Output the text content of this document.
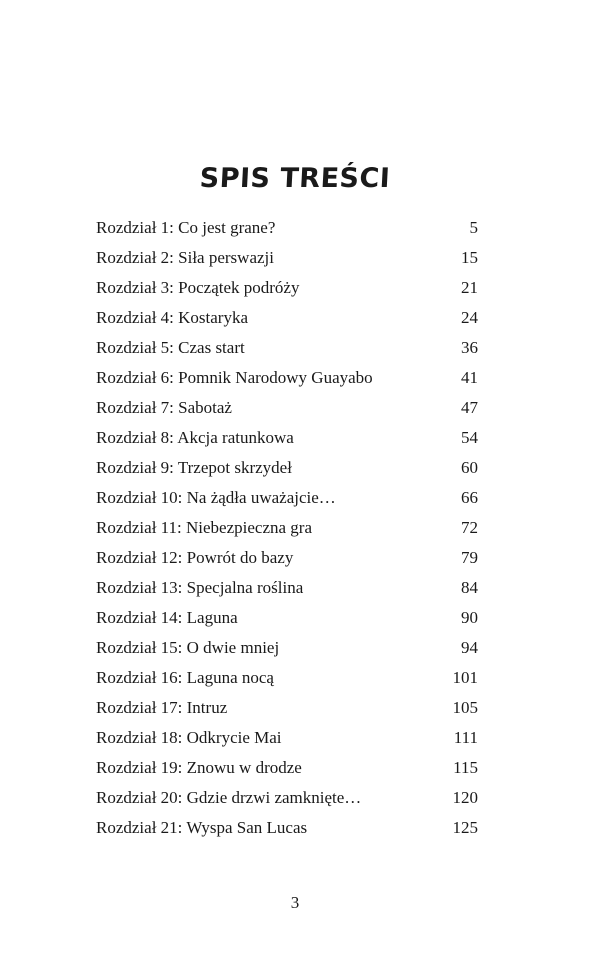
SPIS TREŚCI
Rozdział 1: Co jest grane?	5
Rozdział 2: Siła perswazji	15
Rozdział 3: Początek podróży	21
Rozdział 4: Kostaryka	24
Rozdział 5: Czas start	36
Rozdział 6: Pomnik Narodowy Guayabo	41
Rozdział 7: Sabotaż	47
Rozdział 8: Akcja ratunkowa	54
Rozdział 9: Trzepot skrzydeł	60
Rozdział 10: Na żądła uważajcie…	66
Rozdział 11: Niebezpieczna gra	72
Rozdział 12: Powrót do bazy	79
Rozdział 13: Specjalna roślina	84
Rozdział 14: Laguna	90
Rozdział 15: O dwie mniej	94
Rozdział 16: Laguna nocą	101
Rozdział 17: Intruz	105
Rozdział 18: Odkrycie Mai	111
Rozdział 19: Znowu w drodze	115
Rozdział 20: Gdzie drzwi zamknięte…	120
Rozdział 21: Wyspa San Lucas	125
3
